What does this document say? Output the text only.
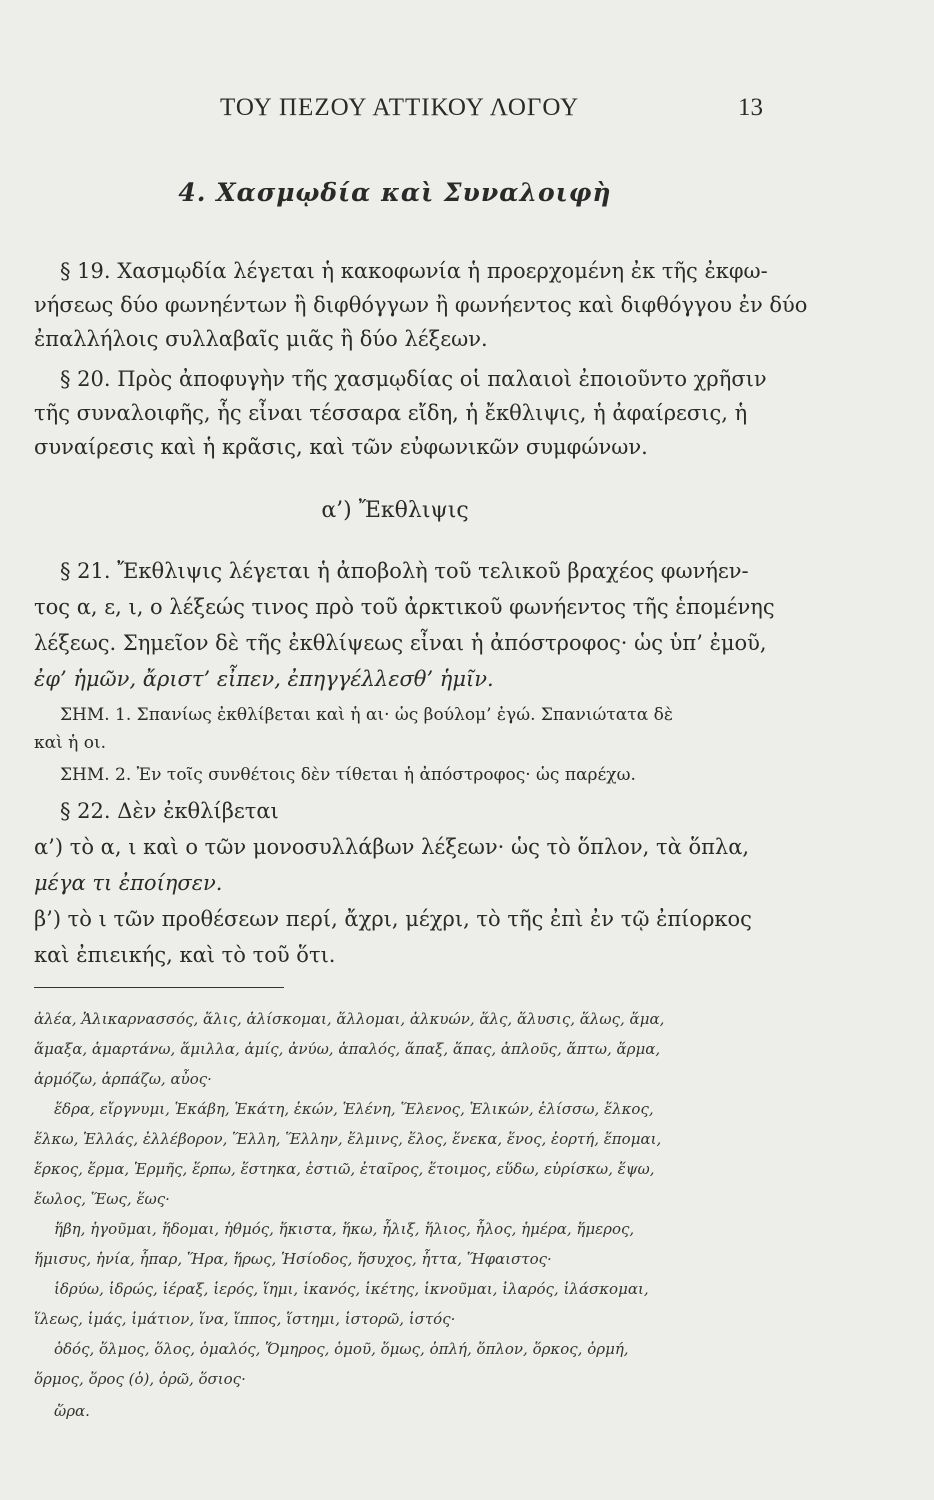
ΤΟΥ ΠΕΖΟΥ ΑΤΤΙΚΟΥ ΛΟΓΟΥ	13
4. Χασμῳδία καὶ Συναλοιφὴ
§ 19. Χασμῳδία λέγεται ἡ κακοφωνία ἡ προερχομένη ἐκ τῆς ἐκφω-
νήσεως δύο φωνηέντων ἢ διφθόγγων ἢ φωνήεντος καὶ διφθόγγου ἐν δύο
ἐπαλλήλοις συλλαβαῖς μιᾶς ἢ δύο λέξεων.
§ 20. Πρὸς ἀποφυγὴν τῆς χασμῳδίας οἱ παλαιοὶ ἐποιοῦντο χρῆσιν
τῆς συναλοιφῆς, ἧς εἶναι τέσσαρα εἴδη, ἡ ἔκθλιψις, ἡ ἀφαίρεσις, ἡ
συναίρεσις καὶ ἡ κρᾶσις, καὶ τῶν εὐφωνικῶν συμφώνων.
§ 21. Ἔκθλιψις λέγεται ἡ ἀποβολὴ τοῦ τελικοῦ βραχέος φωνήεν-
τος α, ε, ι, ο λέξεώς τινος πρὸ τοῦ ἀρκτικοῦ φωνήεντος τῆς ἑπομένης
λέξεως. Σημεῖον δὲ τῆς ἐκθλίψεως εἶναι ἡ ἀπόστροφος· ὡς ὑπ’ ἐμοῦ,
ἐφ’ ἡμῶν, ἄριστ’ εἶπεν, ἐπηγγέλλεσθ’ ἡμῖν.
ΣΗΜ. 1. Σπανίως ἐκθλίβεται καὶ ἡ αι· ὡς βούλομ’ ἐγώ. Σπανιώτατα δὲ
καὶ ἡ οι.
ΣΗΜ. 2. Ἐν τοῖς συνθέτοις δὲν τίθεται ἡ ἀπόστροφος· ὡς παρέχω.
§ 22. Δὲν ἐκθλίβεται
α’) τὸ α, ι καὶ ο τῶν μονοσυλλάβων λέξεων· ὡς τὸ ὅπλον, τὰ ὅπλα,
μέγα τι ἐποίησεν.
β’) τὸ ι τῶν προθέσεων περί, ἄχρι, μέχρι, τὸ τῆς ἐπὶ ἐν τῷ ἐπίορκος
καὶ ἐπιεικής, καὶ τὸ τοῦ ὅτι.
α’) Ἔκθλιψις
ἀλέα, Ἁλικαρνασσός, ἅλις, ἁλίσκομαι, ἅλλομαι, ἀλκυών, ἅλς, ἅλυσις, ἅλως, ἅμα,
ἅμαξα, ἁμαρτάνω, ἅμιλλα, ἁμίς, ἀνύω, ἁπαλός, ἅπαξ, ἅπας, ἁπλοῦς, ἅπτω, ἅρμα,
ἁρμόζω, ἁρπάζω, αὖος·
ἕδρα, εἴργνυμι, Ἑκάβη, Ἑκάτη, ἑκών, Ἑλένη, Ἕλενος, Ἑλικών, ἑλίσσω, ἕλκος,
ἕλκω, Ἑλλάς, ἐλλέβορον, Ἕλλη, Ἕλλην, ἕλμινς, ἕλος, ἕνεκα, ἕνος, ἑορτή, ἕπομαι,
ἕρκος, ἕρμα, Ἑρμῆς, ἕρπω, ἕστηκα, ἑστιῶ, ἑταῖρος, ἕτοιμος, εὕδω, εὑρίσκω, ἕψω,
ἕωλος, Ἕως, ἕως·
ἥβη, ἡγοῦμαι, ἥδομαι, ἡθμός, ἥκιστα, ἥκω, ἧλιξ, ἥλιος, ἧλος, ἡμέρα, ἥμερος,
ἥμισυς, ἡνία, ἧπαρ, Ἥρα, ἥρως, Ἡσίοδος, ἥσυχος, ἧττα, Ἥφαιστος·
ἱδρύω, ἱδρώς, ἱέραξ, ἱερός, ἵημι, ἱκανός, ἱκέτης, ἱκνοῦμαι, ἱλαρός, ἱλάσκομαι,
ἵλεως, ἱμάς, ἱμάτιον, ἵνα, ἵππος, ἵστημι, ἱστορῶ, ἱστός·
ὁδός, ὅλμος, ὅλος, ὁμαλός, Ὅμηρος, ὁμοῦ, ὅμως, ὁπλή, ὅπλον, ὅρκος, ὁρμή,
ὅρμος, ὅρος (ὁ), ὁρῶ, ὅσιος·
ὥρα.
